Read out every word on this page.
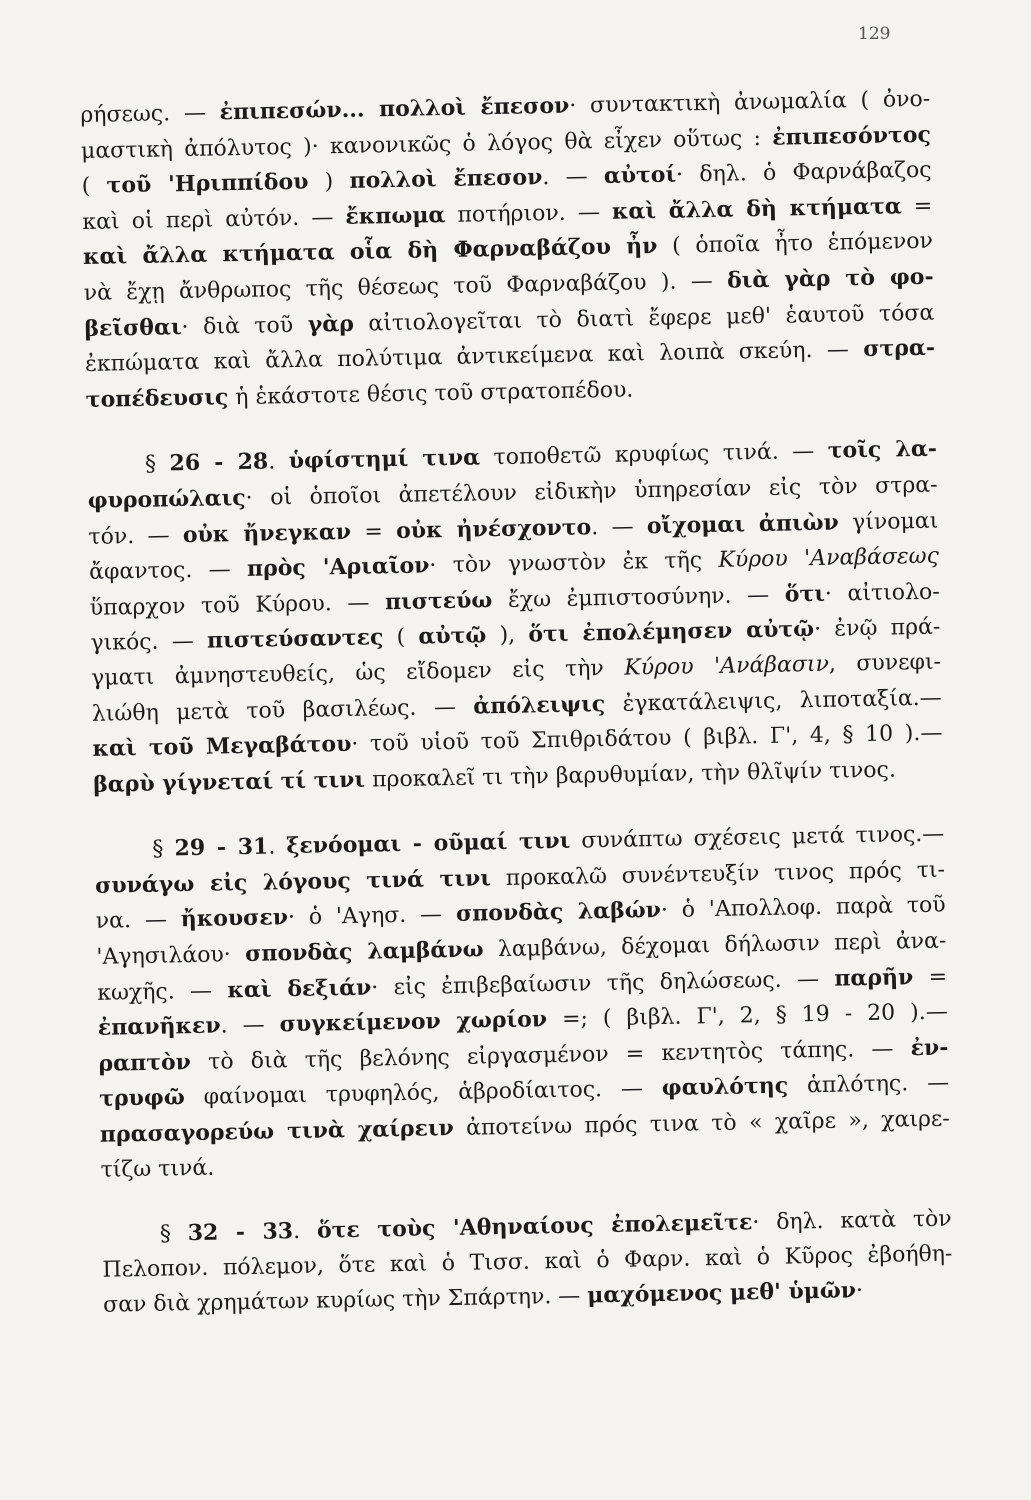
129
ρήσεως. — ἐπιπεσών... πολλοὶ ἔπεσον· συντακτικὴ ἀνωμαλία ( ὀνο-
μαστικὴ ἀπόλυτος )· κανονικῶς ὁ λόγος θὰ εἶχεν οὕτως : ἐπιπεσόντος
( τοῦ 'Ηριππίδου ) πολλοὶ ἔπεσον. — αὐτοί· δηλ. ὁ Φαρνάβαζος
καὶ οἱ περὶ αὐτόν. — ἔκπωμα ποτήριον. — καὶ ἄλλα δὴ κτήματα =
καὶ ἄλλα κτήματα οἷα δὴ Φαρναβάζου ἦν ( ὁποῖα ἦτο ἑπόμενον
νὰ ἔχῃ ἄνθρωπος τῆς θέσεως τοῦ Φαρναβάζου ). — διὰ γὰρ τὸ φο-
βεῖσθαι· διὰ τοῦ γὰρ αἰτιολογεῖται τὸ διατὶ ἔφερε μεθ' ἑαυτοῦ τόσα
ἐκπώματα καὶ ἄλλα πολύτιμα ἀντικείμενα καὶ λοιπὰ σκεύη. — στρα-
τοπέδευσις ἡ ἑκάστοτε θέσις τοῦ στρατοπέδου.
§ 26 - 28. ὑφίστημί τινα τοποθετῶ κρυφίως τινά. — τοῖς λα-
φυροπώλαις· οἱ ὁποῖοι ἀπετέλουν εἰδικὴν ὑπηρεσίαν εἰς τὸν στρα-
τόν. — οὐκ ἤνεγκαν = οὐκ ἠνέσχοντο. — οἴχομαι ἀπιὼν γίνομαι
ἄφαντος. — πρὸς 'Αριαῖον· τὸν γνωστὸν ἐκ τῆς Κύρου 'Αναβάσεως
ὕπαρχον τοῦ Κύρου. — πιστεύω ἔχω ἐμπιστοσύνην. — ὅτι· αἰτιολο-
γικός. — πιστεύσαντες ( αὐτῷ ), ὅτι ἐπολέμησεν αὐτῷ· ἐνῷ πρά-
γματι ἀμνηστευθείς, ὡς εἴδομεν εἰς τὴν Κύρου 'Ανάβασιν, συνεφι-
λιώθη μετὰ τοῦ βασιλέως. — ἀπόλειψις ἐγκατάλειψις, λιποταξία.—
καὶ τοῦ Μεγαβάτου· τοῦ υἱοῦ τοῦ Σπιθριδάτου ( βιβλ. Γ', 4, § 10 ).—
βαρὺ γίγνεταί τί τινι προκαλεῖ τι τὴν βαρυθυμίαν, τὴν θλῖψίν τινος.
§ 29 - 31. ξενόομαι - οῦμαί τινι συνάπτω σχέσεις μετά τινος.—
συνάγω εἰς λόγους τινά τινι προκαλῶ συνέντευξίν τινος πρός τι-
να. — ἤκουσεν· ὁ 'Αγησ. — σπονδὰς λαβών· ὁ 'Απολλοφ. παρὰ τοῦ
'Αγησιλάου· σπονδὰς λαμβάνω λαμβάνω, δέχομαι δήλωσιν περὶ ἀνα-
κωχῆς. — καὶ δεξιάν· εἰς ἐπιβεβαίωσιν τῆς δηλώσεως. — παρῆν =
ἐπανῆκεν. — συγκείμενον χωρίον =; ( βιβλ. Γ', 2, § 19 - 20 ).—
ραπτὸν τὸ διὰ τῆς βελόνης εἰργασμένον = κεντητὸς τάπης. — ἐν-
τρυφῶ φαίνομαι τρυφηλός, ἁβροδίαιτος. — φαυλότης ἁπλότης. —
πρασαγορεύω τινὰ χαίρειν ἀποτείνω πρός τινα τὸ « χαῖρε », χαιρε-
τίζω τινά.
§ 32 - 33. ὅτε τοὺς 'Αθηναίους ἐπολεμεῖτε· δηλ. κατὰ τὸν
Πελοπον. πόλεμον, ὅτε καὶ ὁ Τισσ. καὶ ὁ Φαρν. καὶ ὁ Κῦρος ἐβοήθη-
σαν διὰ χρημάτων κυρίως τὴν Σπάρτην. — μαχόμενος μεθ' ὑμῶν·
